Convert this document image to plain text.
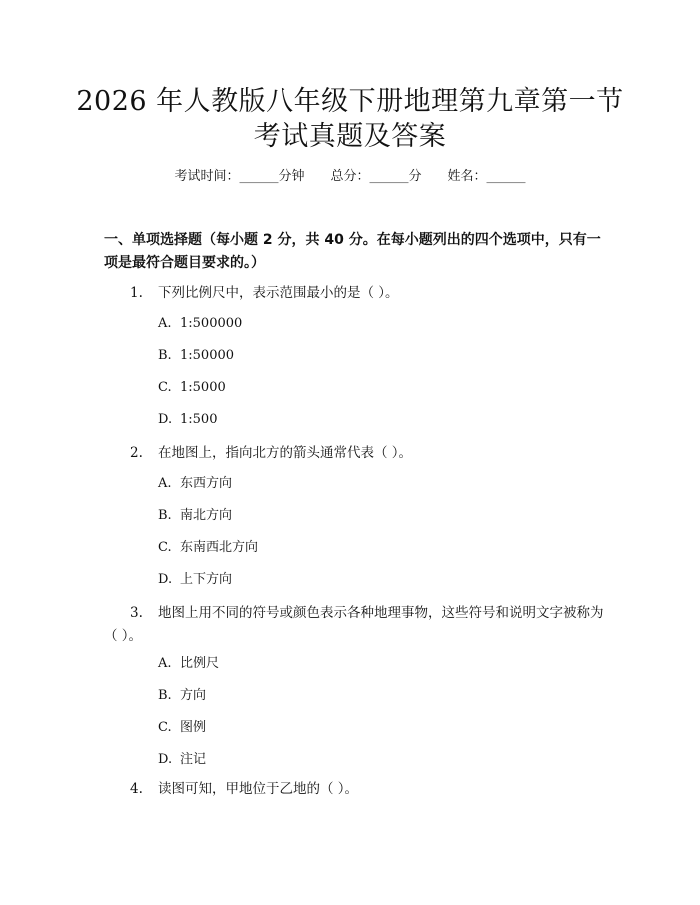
2026 年人教版八年级下册地理第九章第一节
考试真题及答案
考试时间：______分钟 总分：______分 姓名：______
一、单项选择题（每小题 2 分，共 40 分。在每小题列出的四个选项中，只有一项是最符合题目要求的。）
1.	下列比例尺中，表示范围最小的是（ ）。
A. 1:500000
B. 1:50000
C. 1:5000
D. 1:500
2.	在地图上，指向北方的箭头通常代表（ ）。
A. 东西方向
B. 南北方向
C. 东南西北方向
D. 上下方向
3.	地图上用不同的符号或颜色表示各种地理事物，这些符号和说明文字被称为（ ）。
A. 比例尺
B. 方向
C. 图例
D. 注记
4.	读图可知，甲地位于乙地的（ ）。
